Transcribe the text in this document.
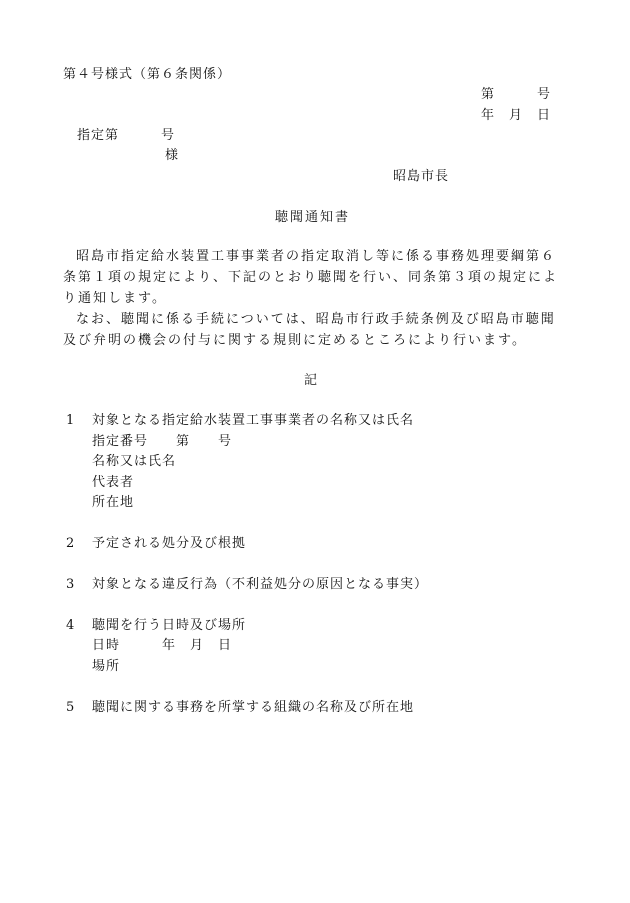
第４号様式（第６条関係）
第　　　号
年　月　日
指定第　　　号
様
昭島市長
聴聞通知書

昭島市指定給水装置工事事業者の指定取消し等に係る事務処理要綱第６条第１項の規定により、下記のとおり聴聞を行い、同条第３項の規定により通知します。

なお、聴聞に係る手続については、昭島市行政手続条例及び昭島市聴聞及び弁明の機会の付与に関する規則に定めるところにより行います。

記
1 対象となる指定給水装置工事事業者の名称又は氏名
指定番号　　第　　号
名称又は氏名
代表者
所在地
2 予定される処分及び根拠
3 対象となる違反行為（不利益処分の原因となる事実）
4 聴聞を行う日時及び場所
日時　　　年　月　日
場所
5 聴聞に関する事務を所掌する組織の名称及び所在地
